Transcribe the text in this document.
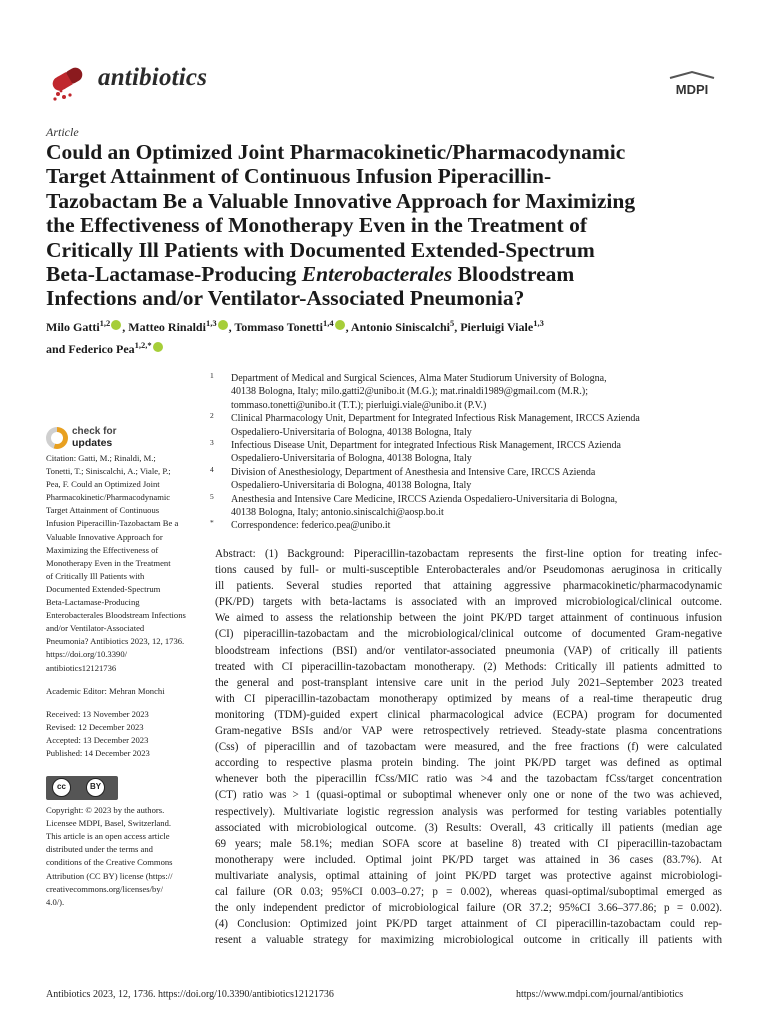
antibiotics	MDPI
Article
Could an Optimized Joint Pharmacokinetic/Pharmacodynamic
Target Attainment of Continuous Infusion Piperacillin-
Tazobactam Be a Valuable Innovative Approach for Maximizing
the Effectiveness of Monotherapy Even in the Treatment of
Critically Ill Patients with Documented Extended-Spectrum
Beta-Lactamase-Producing Enterobacterales Bloodstream
Infections and/or Ventilator-Associated Pneumonia?
Milo Gatti$^{1,2}$ , Matteo Rinaldi$^{1,3}$ , Tommaso Tonetti$^{1,4}$ , Antonio Siniscalchi$^5$, Pierluigi Viale$^{1,3}$
and Federico Pea$^{1,2,*}$
1 Department of Medical and Surgical Sciences, Alma Mater Studiorum University of Bologna,
40138 Bologna, Italy; milo.gatti2@unibo.it (M.G.); mat.rinaldi1989@gmail.com (M.R.);
tommaso.tonetti@unibo.it (T.T.); pierluigi.viale@unibo.it (P.V.)
2 Clinical Pharmacology Unit, Department for Integrated Infectious Risk Management, IRCCS Azienda
Ospedaliero-Universitaria of Bologna, 40138 Bologna, Italy
3 Infectious Disease Unit, Department for integrated Infectious Risk Management, IRCCS Azienda
Ospedaliero-Universitaria of Bologna, 40138 Bologna, Italy
4 Division of Anesthesiology, Department of Anesthesia and Intensive Care, IRCCS Azienda
Ospedaliero-Universitaria di Bologna, 40138 Bologna, Italy
5 Anesthesia and Intensive Care Medicine, IRCCS Azienda Ospedaliero-Universitaria di Bologna,
40138 Bologna, Italy; antonio.siniscalchi@aosp.bo.it
* Correspondence: federico.pea@unibo.it
check for
updates
Citation: Gatti, M.; Rinaldi, M.;
Tonetti, T.; Siniscalchi, A.; Viale, P.;
Pea, F. Could an Optimized Joint
Pharmacokinetic/Pharmacodynamic
Target Attainment of Continuous
Infusion Piperacillin-Tazobactam Be a
Valuable Innovative Approach for
Maximizing the Effectiveness of
Monotherapy Even in the Treatment
of Critically Ill Patients with
Documented Extended-Spectrum
Beta-Lactamase-Producing
Enterobacterales Bloodstream Infections
and/or Ventilator-Associated
Pneumonia? Antibiotics 2023, 12, 1736.
https://doi.org/10.3390/
antibiotics12121736
Academic Editor: Mehran Monchi
Received: 13 November 2023
Revised: 12 December 2023
Accepted: 13 December 2023
Published: 14 December 2023
cc	BY
Copyright: © 2023 by the authors.
Licensee MDPI, Basel, Switzerland.
This article is an open access article
distributed under the terms and
conditions of the Creative Commons
Attribution (CC BY) license (https://
creativecommons.org/licenses/by/
4.0/).
Abstract: (1) Background: Piperacillin-tazobactam represents the first-line option for treating infec-
tions caused by full- or multi-susceptible Enterobacterales and/or Pseudomonas aeruginosa in critically
ill patients. Several studies reported that attaining aggressive pharmacokinetic/pharmacodynamic
(PK/PD) targets with beta-lactams is associated with an improved microbiological/clinical outcome.
We aimed to assess the relationship between the joint PK/PD target attainment of continuous infusion
(CI) piperacillin-tazobactam and the microbiological/clinical outcome of documented Gram-negative
bloodstream infections (BSI) and/or ventilator-associated pneumonia (VAP) of critically ill patients
treated with CI piperacillin-tazobactam monotherapy. (2) Methods: Critically ill patients admitted to
the general and post-transplant intensive care unit in the period July 2021–September 2023 treated
with CI piperacillin-tazobactam monotherapy optimized by means of a real-time therapeutic drug
monitoring (TDM)-guided expert clinical pharmacological advice (ECPA) program for documented
Gram-negative BSIs and/or VAP were retrospectively retrieved. Steady-state plasma concentrations
(Css) of piperacillin and of tazobactam were measured, and the free fractions (f) were calculated
according to respective plasma protein binding. The joint PK/PD target was defined as optimal
whenever both the piperacillin fCss/MIC ratio was >4 and the tazobactam fCss/target concentration
(CT) ratio was > 1 (quasi-optimal or suboptimal whenever only one or none of the two was achieved,
respectively). Multivariate logistic regression analysis was performed for testing variables potentially
associated with microbiological outcome. (3) Results: Overall, 43 critically ill patients (median age
69 years; male 58.1%; median SOFA score at baseline 8) treated with CI piperacillin-tazobactam
monotherapy were included. Optimal joint PK/PD target was attained in 36 cases (83.7%). At
multivariate analysis, optimal attaining of joint PK/PD target was protective against microbiologi-
cal failure (OR 0.03; 95%CI 0.003–0.27; p = 0.002), whereas quasi-optimal/suboptimal emerged as
the only independent predictor of microbiological failure (OR 37.2; 95%CI 3.66–377.86; p = 0.002).
(4) Conclusion: Optimized joint PK/PD target attainment of CI piperacillin-tazobactam could rep-
resent a valuable strategy for maximizing microbiological outcome in critically ill patients with
Antibiotics 2023, 12, 1736. https://doi.org/10.3390/antibiotics12121736	https://www.mdpi.com/journal/antibiotics
